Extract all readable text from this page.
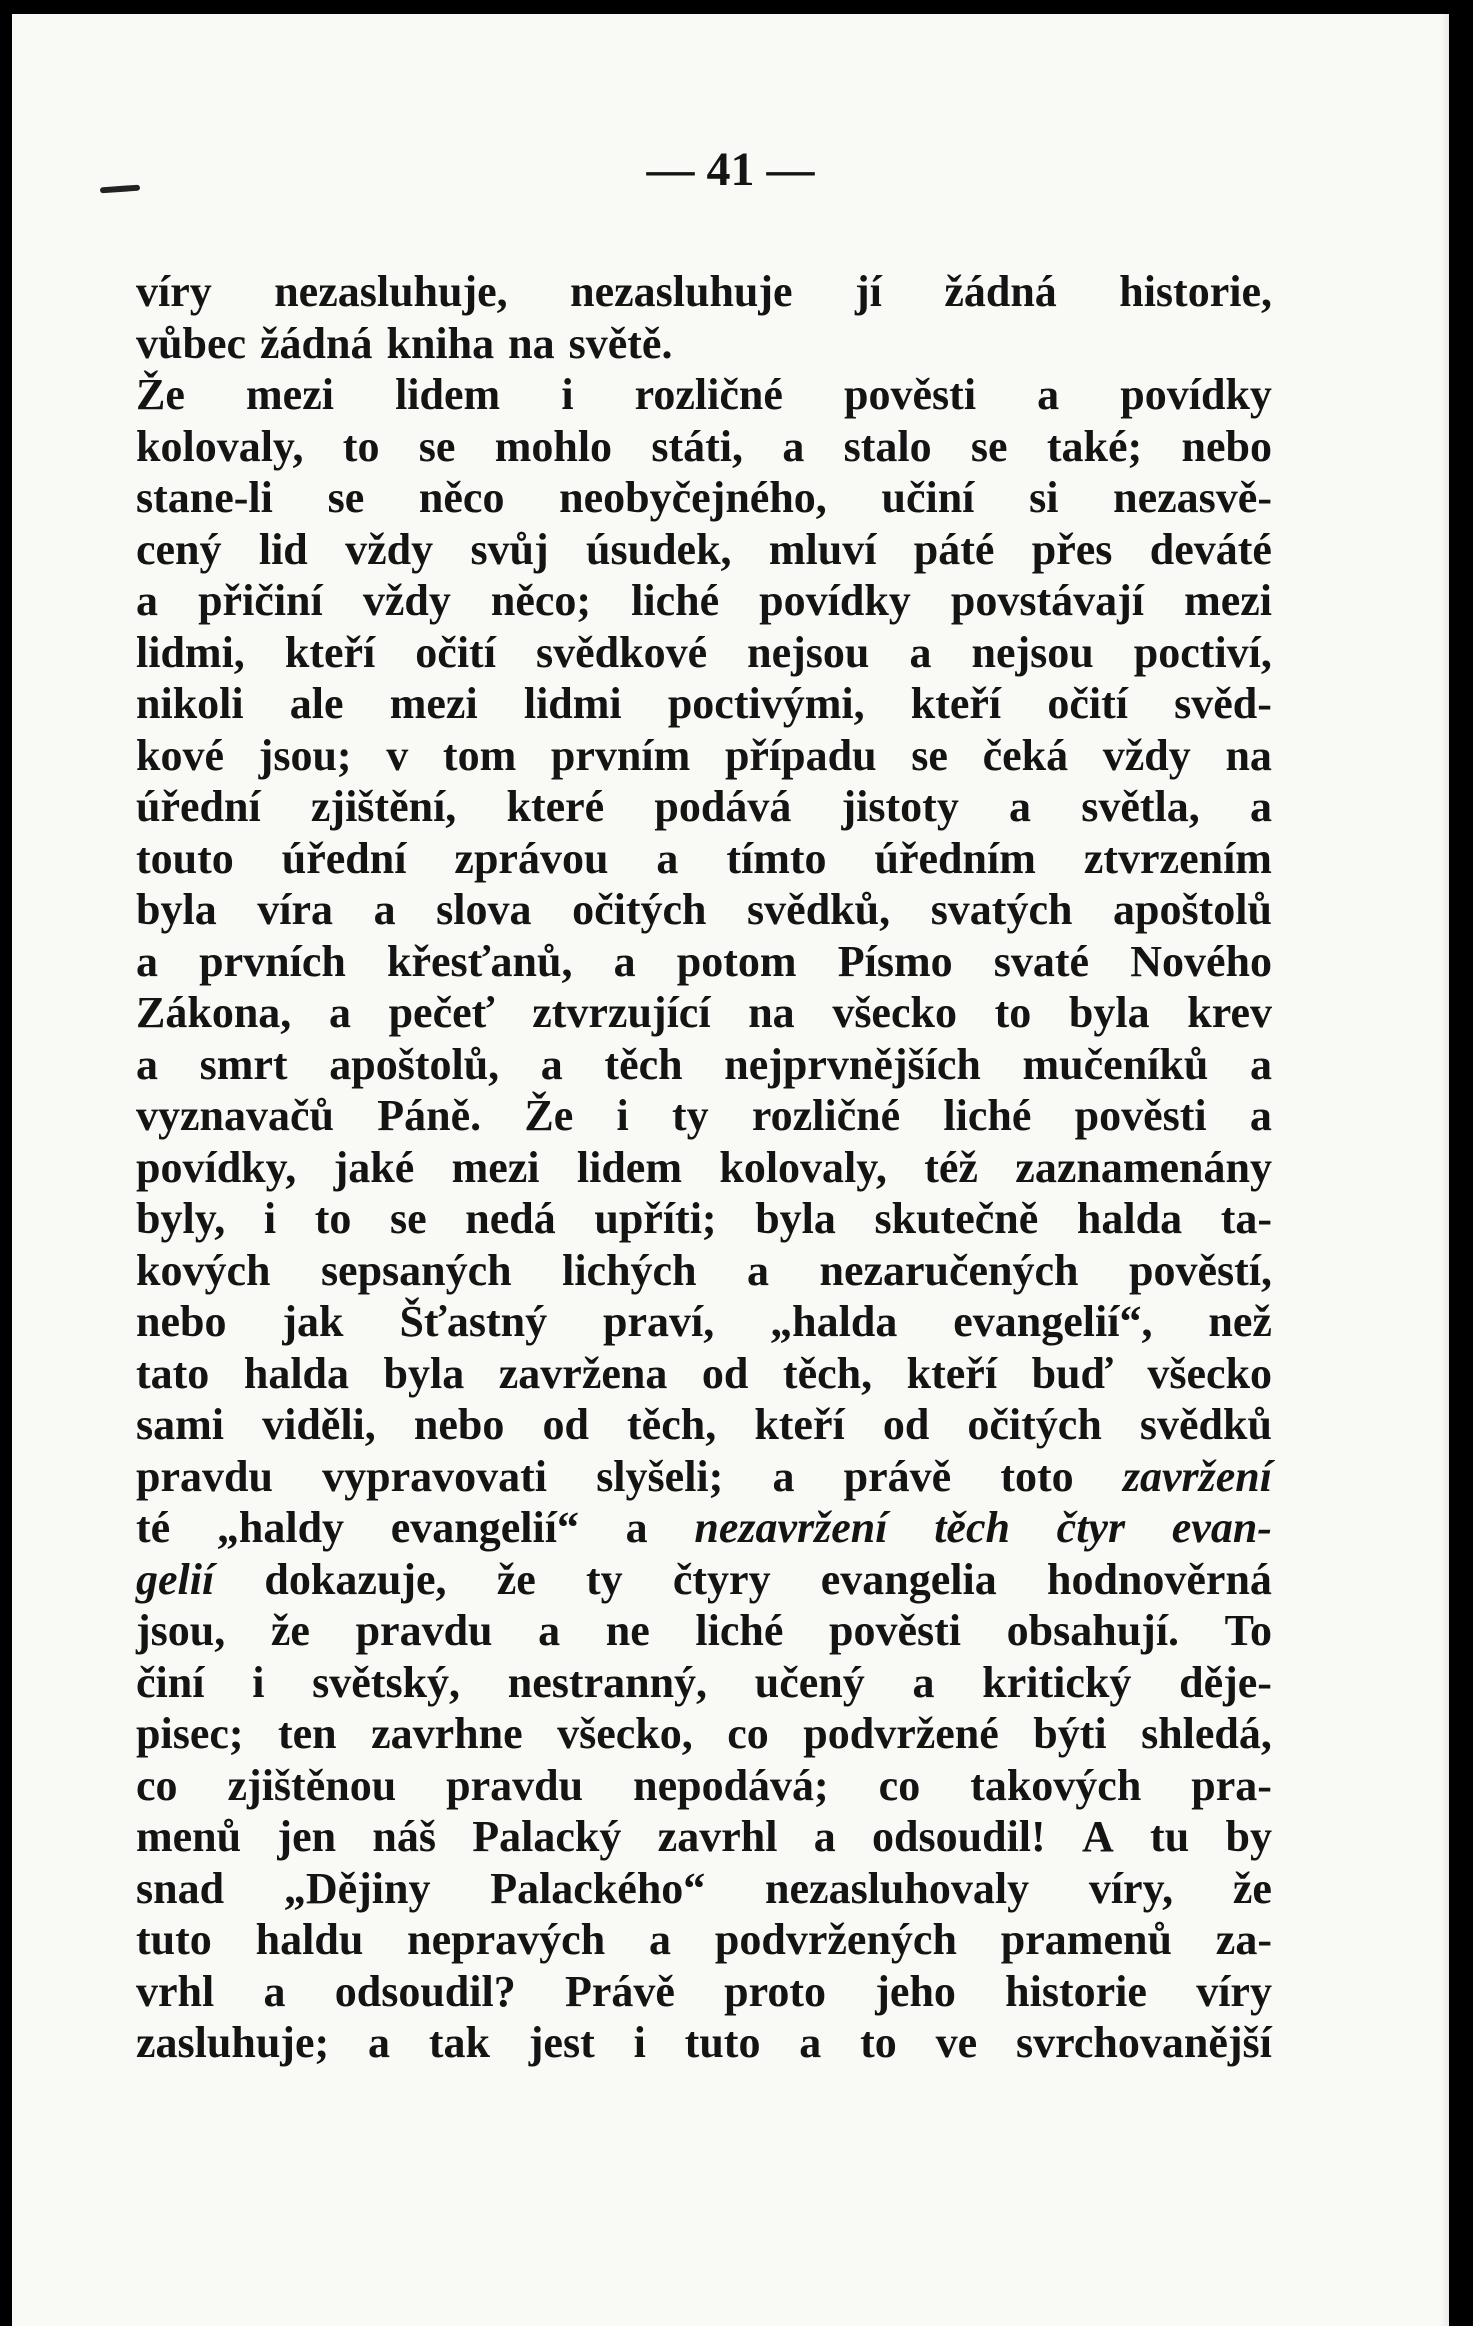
— 41 —
víry nezasluhuje, nezasluhuje jí žádná historie,
vůbec žádná kniha na světě.
Že mezi lidem i rozličné pověsti a povídky
kolovaly, to se mohlo státi, a stalo se také; nebo
stane-li se něco neobyčejného, učiní si nezasvě-
cený lid vždy svůj úsudek, mluví páté přes deváté
a přičiní vždy něco; liché povídky povstávají mezi
lidmi, kteří očití svědkové nejsou a nejsou poctiví,
nikoli ale mezi lidmi poctivými, kteří očití svěd-
kové jsou; v tom prvním případu se čeká vždy na
úřední zjištění, které podává jistoty a světla, a
touto úřední zprávou a tímto úředním ztvrzením
byla víra a slova očitých svědků, svatých apoštolů
a prvních křesťanů, a potom Písmo svaté Nového
Zákona, a pečeť ztvrzující na všecko to byla krev
a smrt apoštolů, a těch nejprvnějších mučeníků a
vyznavačů Páně. Že i ty rozličné liché pověsti a
povídky, jaké mezi lidem kolovaly, též zaznamenány
byly, i to se nedá upříti; byla skutečně halda ta-
kových sepsaných lichých a nezaručených pověstí,
nebo jak Šťastný praví, „halda evangelií“, než
tato halda byla zavržena od těch, kteří buď všecko
sami viděli, nebo od těch, kteří od očitých svědků
pravdu vypravovati slyšeli; a právě toto zavržení
té „haldy evangelií“ a nezavržení těch čtyr evan-
gelií dokazuje, že ty čtyry evangelia hodnověrná
jsou, že pravdu a ne liché pověsti obsahují. To
činí i světský, nestranný, učený a kritický děje-
pisec; ten zavrhne všecko, co podvržené býti shledá,
co zjištěnou pravdu nepodává; co takových pra-
menů jen náš Palacký zavrhl a odsoudil! A tu by
snad „Dějiny Palackého“ nezasluhovaly víry, že
tuto haldu nepravých a podvržených pramenů za-
vrhl a odsoudil? Právě proto jeho historie víry
zasluhuje; a tak jest i tuto a to ve svrchovanější
